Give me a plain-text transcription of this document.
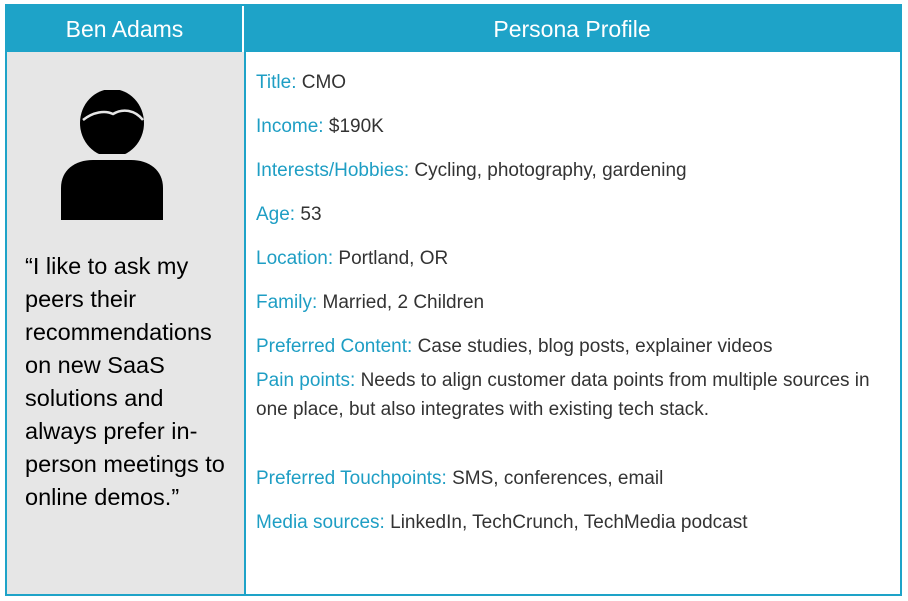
Ben Adams	Persona Profile

“I like to ask my peers their recommendations on new SaaS solutions and always prefer in-person meetings to online demos.”

Title: CMO

Income: $190K

Interests/Hobbies: Cycling, photography, gardening

Age: 53

Location: Portland, OR

Family: Married, 2 Children

Preferred Content: Case studies, blog posts, explainer videos

Pain points: Needs to align customer data points from multiple sources in one place, but also integrates with existing tech stack.

Preferred Touchpoints: SMS, conferences, email

Media sources: LinkedIn, TechCrunch, TechMedia podcast
